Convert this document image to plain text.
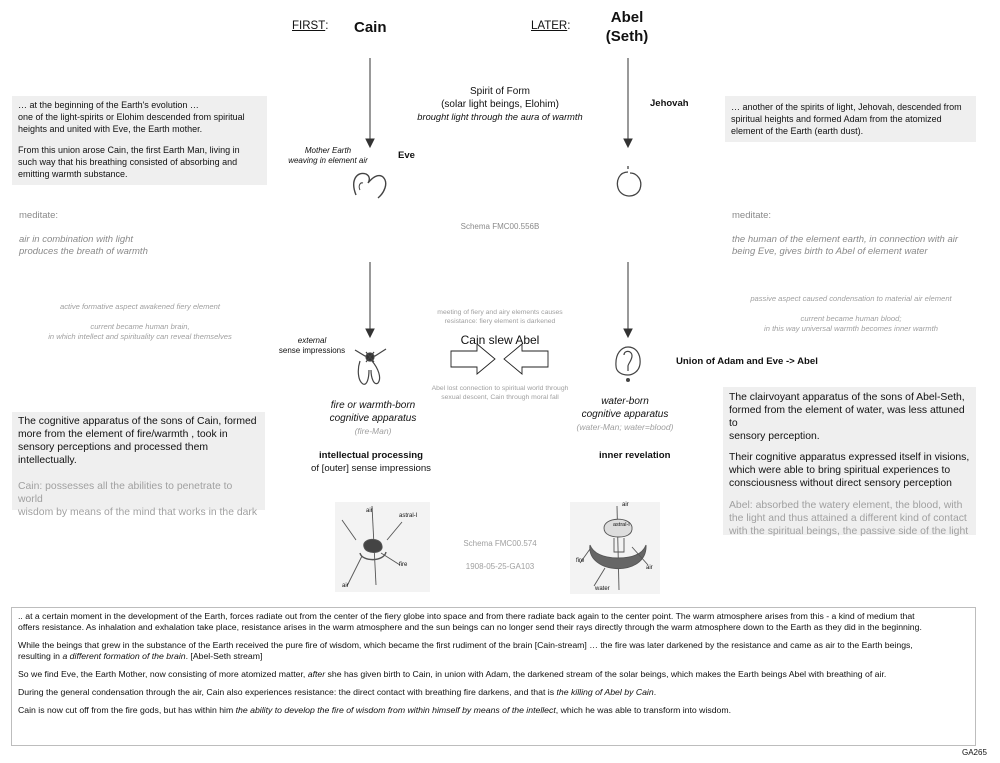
FIRST: Cain	LATER:	Abel
(Seth)
Spirit of Form
(solar light beings, Elohim)
brought light through the aura of warmth
Jehovah

… at the beginning of the Earth's evolution …

one of the light-spirits or Elohim descended from spiritual

heights and united with Eve, the Earth mother.

From this union arose Cain, the first Earth Man, living in

such way that his breathing consisted of absorbing and

emitting warmth substance.

… another of the spirits of light, Jehovah, descended from

spiritual heights and formed Adam from the atomized

element of the Earth (earth dust).

Mother Earth
weaving in element air	Eve
Schema FMC00.556B
meditate:
air in combination with light
produces the breath of warmth
meditate:
the human of the element earth, in connection with air
being Eve, gives birth to Abel of element water
active formative aspect awakened fiery element
current became human brain,
in which intellect and spirituality can reveal themselves
passive aspect caused condensation to material air element
current became human blood;
in this way universal warmth becomes inner warmth
meeting of fiery and airy elements causes
resistance: fiery element is darkened
Cain slew Abel
Abel lost connection to spiritual world through
sexual descent, Cain through moral fall
external
sense impressions
Union of Adam and Eve -> Abel
fire or warmth-born
cognitive apparatus
(fire-Man)
water-born
cognitive apparatus
(water-Man; water=blood)
intellectual processing
of [outer] sense impressions
inner revelation

The cognitive apparatus of the sons of Cain, formed

more from the element of fire/warmth , took in

sensory perceptions and processed them intellectually.

Cain: possesses all the abilities to penetrate to world

wisdom by means of the mind that works in the dark

The clairvoyant apparatus of the sons of Abel-Seth,

formed from the element of water, was less attuned to

sensory perception.

Their cognitive apparatus expressed itself in visions,

which were able to bring spiritual experiences to

consciousness without direct sensory perception

Abel: absorbed the watery element, the blood, with

the light and thus attained a different kind of contact

with the spiritual beings, the passive side of the light

air
astral-I
fire
air
air
astral-I
fire
air
water
Schema FMC00.574
1908-05-25-GA103

.. at a certain moment in the development of the Earth, forces radiate out from the center of the fiery globe into space and from there radiate back again to the center point. The warm atmosphere arises from this - a kind of medium that
offers resistance. As inhalation and exhalation take place, resistance arises in the warm atmosphere and the sun beings can no longer send their rays directly through the warm atmosphere down to the Earth as they did in the beginning.

While the beings that grew in the substance of the Earth received the pure fire of wisdom, which became the first rudiment of the brain [Cain-stream] … the fire was later darkened by the resistance and came as air to the Earth beings,
resulting in a different formation of the brain. [Abel-Seth stream]

So we find Eve, the Earth Mother, now consisting of more atomized matter, after she has given birth to Cain, in union with Adam, the darkened stream of the solar beings, which makes the Earth beings Abel with breathing of air.

During the general condensation through the air, Cain also experiences resistance: the direct contact with breathing fire darkens, and that is the killing of Abel by Cain.

Cain is now cut off from the fire gods, but has within him the ability to develop the fire of wisdom from within himself by means of the intellect, which he was able to transform into wisdom.

GA265
